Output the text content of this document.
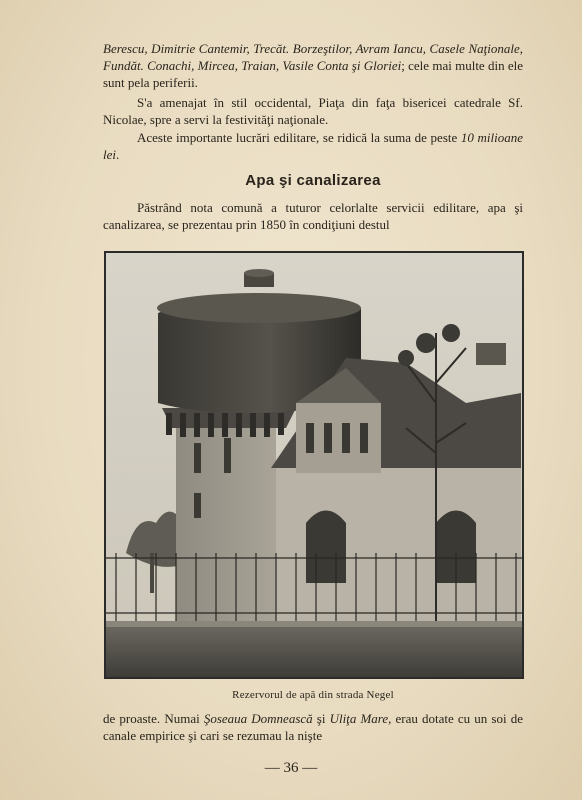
Berescu, Dimitrie Cantemir, Trecăt. Borzeştilor, Avram Iancu, Casele Naţionale, Fundăt. Conachi, Mircea, Traian, Vasile Conta şi Gloriei; cele mai multe din ele sunt pela periferii.

S'a amenajat în stil occidental, Piaţa din faţa bisericei catedrale Sf. Nicolae, spre a servi la festivităţi naţionale.

Aceste importante lucrări edilitare, se ridică la suma de peste 10 milioane lei.

Apa şi canalizarea

Păstrând nota comună a tuturor celorlalte servicii edilitare, apa şi canalizarea, se prezentau prin 1850 în condiţiuni destul

Rezervorul de apă din strada Negel

de proaste. Numai Şoseaua Domnească şi Uliţa Mare, erau dotate cu un soi de canale empirice şi cari se rezumau la nişte

— 36 —
